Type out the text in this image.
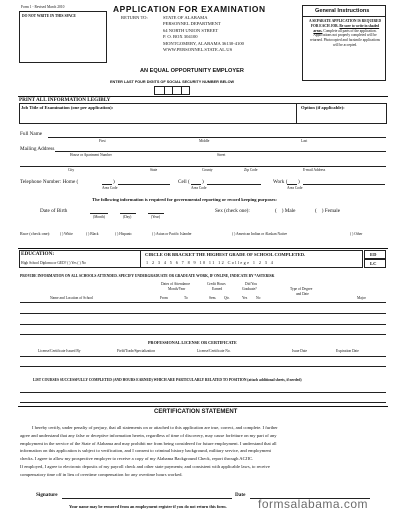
Form 1 - Revised March 2010
DO NOT WRITE IN THIS SPACE
APPLICATION FOR EXAMINATION
RETURN TO:	STATE OF ALABAMA
PERSONNEL DEPARTMENT
64 NORTH UNION STREET
P. O. BOX 304100
MONTGOMERY, ALABAMA 36130-4100
WWW.PERSONNEL.STATE.AL.US
AN EQUAL OPPORTUNITY EMPLOYER
ENTER LAST FOUR DIGITS OF SOCIAL SECURITY NUMBER BELOW
General Instructions
A SEPARATE APPLICATION IS REQUIRED FOR EACH JOB. Be sure to write in shaded areas. Complete all parts of the application. Applications not properly completed will be returned. Photocopied and facsimile applications will be accepted.
PRINT ALL INFORMATION LEGIBLY
Job Title of Examination (one per application):	Option (if applicable):
Full Name
First	Middle	Last
Mailing Address
House or Apartment Number	Street
City	State	County	Zip Code	E-mail Address
Telephone Number: Home (	)
Area Code
Cell ( )
Area Code
Work ( )
Area Code
The following information is required for governmental reporting or record keeping purposes:
Date of Birth
(Month)	(Day)	(Year)
Sex (check one):	( ) Male	( ) Female
Race (check one):	( ) White	( ) Black	( ) Hispanic	( ) Asian or Pacific Islander	( ) American Indian or Alaskan Native	( ) Other
EDUCATION:	CIRCLE OR BRACKET THE HIGHEST GRADE OF SCHOOL COMPLETED.
High School Diploma or GED? ( ) Yes ( ) No	1 2 3 4 5 6 7 8 9 10 11 12 College 1 2 3 4
ED
LC
PROVIDE INFORMATION ON ALL SCHOOLS ATTENDED. SPECIFY UNDERGRADUATE OR GRADUATE WORK, IF ONLINE, INDICATE BY *ASTERISK
Dates of Attendance
Month/Year
Credit Hours
Earned
Did You
Graduate?	Type of Degree
and Date
Name and Location of School	From	To	Sem. Qtr.	Yes No	Major
PROFESSIONAL LICENSE OR CERTIFICATE
License/Certificate Issued By	Field/Trade/Specialization	License/Certificate No.	Issue Date	Expiration Date
LIST COURSES SUCCESSFULLY COMPLETED (AND HOURS EARNED) WHICH ARE PARTICULARLY RELATED TO POSITION (attach additional sheets, if needed)
CERTIFICATION STATEMENT
I hereby certify, under penalty of perjury, that all statements on or attached to this application are true, correct, and complete. I further
agree and understand that any false or deceptive information herein, regardless of time of discovery, may cause forfeiture on my part of any
employment in the service of the State of Alabama and may prohibit me from being considered for future employment. I understand that all
information on this application is subject to verification, and I consent to criminal history background, military service, and employment
checks. I agree to allow my prospective employer to receive a copy of my Alabama Background Check, report through ACJIC.
If employed, I agree to electronic deposits of my payroll check and other state payments; and consistent with applicable laws, to receive
compensatory time off in lieu of overtime compensation for any overtime hours worked.
Signature	Date
Your name may be removed from an employment register if you do not return this form.	formsalabama.com
